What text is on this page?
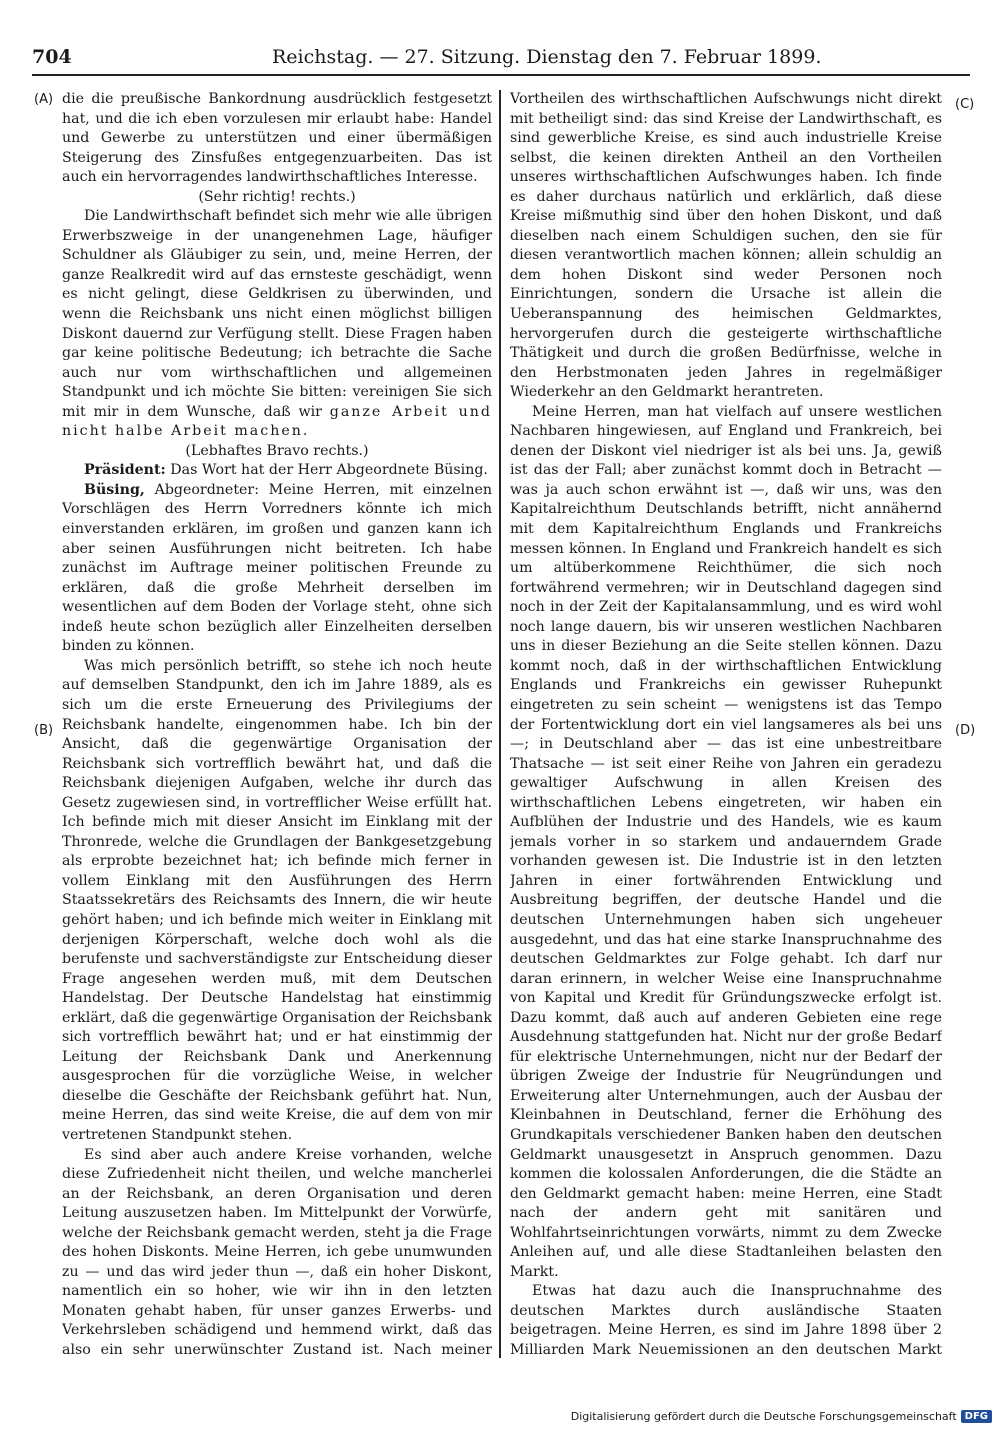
704	Reichstag. — 27. Sitzung. Dienstag den 7. Februar 1899.
(A)
(B)
(C)
(D)

die die preußische Bankordnung ausdrücklich festgesetzt hat, und die ich eben vorzulesen mir erlaubt habe: Handel und Gewerbe zu unterstützen und einer übermäßigen Steigerung des Zinsfußes entgegenzuarbeiten. Das ist auch ein hervorragendes landwirthschaftliches Interesse.

(Sehr richtig! rechts.)

Die Landwirthschaft befindet sich mehr wie alle übrigen Erwerbszweige in der unangenehmen Lage, häufiger Schuldner als Gläubiger zu sein, und, meine Herren, der ganze Realkredit wird auf das ernsteste geschädigt, wenn es nicht gelingt, diese Geldkrisen zu überwinden, und wenn die Reichsbank uns nicht einen möglichst billigen Diskont dauernd zur Verfügung stellt. Diese Fragen haben gar keine politische Bedeutung; ich betrachte die Sache auch nur vom wirthschaftlichen und allgemeinen Standpunkt und ich möchte Sie bitten: vereinigen Sie sich mit mir in dem Wunsche, daß wir ganze Arbeit und nicht halbe Arbeit machen.

(Lebhaftes Bravo rechts.)

Präsident: Das Wort hat der Herr Abgeordnete Büsing.

Büsing, Abgeordneter: Meine Herren, mit einzelnen Vorschlägen des Herrn Vorredners könnte ich mich einverstanden erklären, im großen und ganzen kann ich aber seinen Ausführungen nicht beitreten. Ich habe zunächst im Auftrage meiner politischen Freunde zu erklären, daß die große Mehrheit derselben im wesentlichen auf dem Boden der Vorlage steht, ohne sich indeß heute schon bezüglich aller Einzelheiten derselben binden zu können.

Was mich persönlich betrifft, so stehe ich noch heute auf demselben Standpunkt, den ich im Jahre 1889, als es sich um die erste Erneuerung des Privilegiums der Reichsbank handelte, eingenommen habe. Ich bin der Ansicht, daß die gegenwärtige Organisation der Reichsbank sich vortrefflich bewährt hat, und daß die Reichsbank diejenigen Aufgaben, welche ihr durch das Gesetz zugewiesen sind, in vortrefflicher Weise erfüllt hat. Ich befinde mich mit dieser Ansicht im Einklang mit der Thronrede, welche die Grundlagen der Bankgesetzgebung als erprobte bezeichnet hat; ich befinde mich ferner in vollem Einklang mit den Ausführungen des Herrn Staatssekretärs des Reichsamts des Innern, die wir heute gehört haben; und ich befinde mich weiter in Einklang mit derjenigen Körperschaft, welche doch wohl als die berufenste und sachverständigste zur Entscheidung dieser Frage angesehen werden muß, mit dem Deutschen Handelstag. Der Deutsche Handelstag hat einstimmig erklärt, daß die gegenwärtige Organisation der Reichsbank sich vortrefflich bewährt hat; und er hat einstimmig der Leitung der Reichsbank Dank und Anerkennung ausgesprochen für die vorzügliche Weise, in welcher dieselbe die Geschäfte der Reichsbank geführt hat. Nun, meine Herren, das sind weite Kreise, die auf dem von mir vertretenen Standpunkt stehen.

Es sind aber auch andere Kreise vorhanden, welche diese Zufriedenheit nicht theilen, und welche mancherlei an der Reichsbank, an deren Organisation und deren Leitung auszusetzen haben. Im Mittelpunkt der Vorwürfe, welche der Reichsbank gemacht werden, steht ja die Frage des hohen Diskonts. Meine Herren, ich gebe unumwunden zu — und das wird jeder thun —, daß ein hoher Diskont, namentlich ein so hoher, wie wir ihn in den letzten Monaten gehabt haben, für unser ganzes Erwerbs- und Verkehrsleben schädigend und hemmend wirkt, daß das also ein sehr unerwünschter Zustand ist. Nach meiner

Vortheilen des wirthschaftlichen Aufschwungs nicht direkt mit betheiligt sind: das sind Kreise der Landwirthschaft, es sind gewerbliche Kreise, es sind auch industrielle Kreise selbst, die keinen direkten Antheil an den Vortheilen unseres wirthschaftlichen Aufschwunges haben. Ich finde es daher durchaus natürlich und erklärlich, daß diese Kreise mißmuthig sind über den hohen Diskont, und daß dieselben nach einem Schuldigen suchen, den sie für diesen verantwortlich machen können; allein schuldig an dem hohen Diskont sind weder Personen noch Einrichtungen, sondern die Ursache ist allein die Ueberanspannung des heimischen Geldmarktes, hervorgerufen durch die gesteigerte wirthschaftliche Thätigkeit und durch die großen Bedürfnisse, welche in den Herbstmonaten jeden Jahres in regelmäßiger Wiederkehr an den Geldmarkt herantreten.

Meine Herren, man hat vielfach auf unsere westlichen Nachbaren hingewiesen, auf England und Frankreich, bei denen der Diskont viel niedriger ist als bei uns. Ja, gewiß ist das der Fall; aber zunächst kommt doch in Betracht — was ja auch schon erwähnt ist —, daß wir uns, was den Kapitalreichthum Deutschlands betrifft, nicht annähernd mit dem Kapitalreichthum Englands und Frankreichs messen können. In England und Frankreich handelt es sich um altüberkommene Reichthümer, die sich noch fortwährend vermehren; wir in Deutschland dagegen sind noch in der Zeit der Kapitalansammlung, und es wird wohl noch lange dauern, bis wir unseren westlichen Nachbaren uns in dieser Beziehung an die Seite stellen können. Dazu kommt noch, daß in der wirthschaftlichen Entwicklung Englands und Frankreichs ein gewisser Ruhepunkt eingetreten zu sein scheint — wenigstens ist das Tempo der Fortentwicklung dort ein viel langsameres als bei uns —; in Deutschland aber — das ist eine unbestreitbare Thatsache — ist seit einer Reihe von Jahren ein geradezu gewaltiger Aufschwung in allen Kreisen des wirthschaftlichen Lebens eingetreten, wir haben ein Aufblühen der Industrie und des Handels, wie es kaum jemals vorher in so starkem und andauerndem Grade vorhanden gewesen ist. Die Industrie ist in den letzten Jahren in einer fortwährenden Entwicklung und Ausbreitung begriffen, der deutsche Handel und die deutschen Unternehmungen haben sich ungeheuer ausgedehnt, und das hat eine starke Inanspruchnahme des deutschen Geldmarktes zur Folge gehabt. Ich darf nur daran erinnern, in welcher Weise eine Inanspruchnahme von Kapital und Kredit für Gründungszwecke erfolgt ist. Dazu kommt, daß auch auf anderen Gebieten eine rege Ausdehnung stattgefunden hat. Nicht nur der große Bedarf für elektrische Unternehmungen, nicht nur der Bedarf der übrigen Zweige der Industrie für Neugründungen und Erweiterung alter Unternehmungen, auch der Ausbau der Kleinbahnen in Deutschland, ferner die Erhöhung des Grundkapitals verschiedener Banken haben den deutschen Geldmarkt unausgesetzt in Anspruch genommen. Dazu kommen die kolossalen Anforderungen, die die Städte an den Geldmarkt gemacht haben: meine Herren, eine Stadt nach der andern geht mit sanitären und Wohlfahrtseinrichtungen vorwärts, nimmt zu dem Zwecke Anleihen auf, und alle diese Stadtanleihen belasten den Markt.

Etwas hat dazu auch die Inanspruchnahme des deutschen Marktes durch ausländische Staaten beigetragen. Meine Herren, es sind im Jahre 1898 über 2 Milliarden Mark Neuemissionen an den deutschen Markt

Digitalisierung gefördert durch die Deutsche Forschungsgemeinschaft DFG
